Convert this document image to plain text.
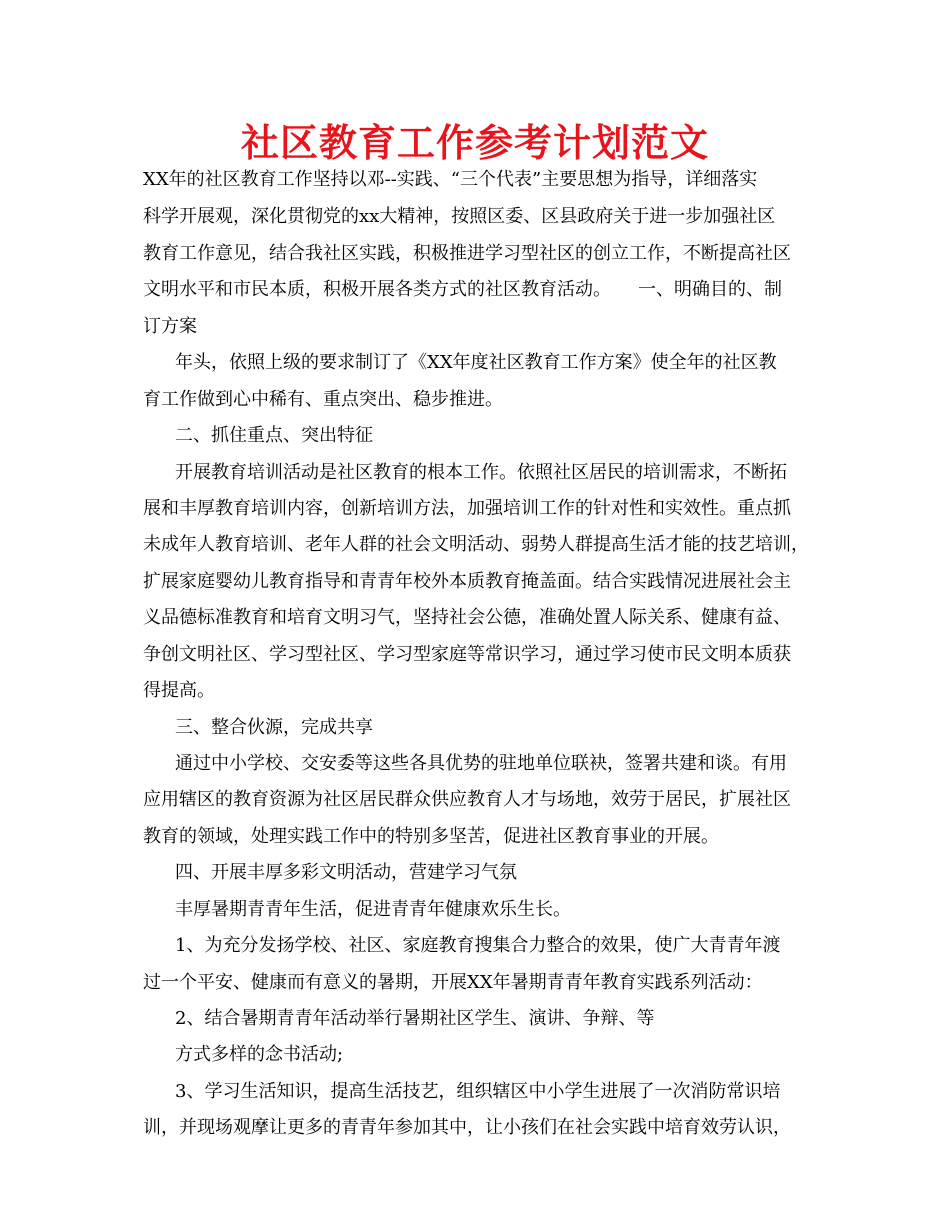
社区教育工作参考计划范文

XX年的社区教育工作坚持以邓--实践、“三个代表”主要思想为指导，详细落实

科学开展观，深化贯彻党的xx大精神，按照区委、区县政府关于进一步加强社区

教育工作意见，结合我社区实践，积极推进学习型社区的创立工作，不断提高社区

文明水平和市民本质，积极开展各类方式的社区教育活动。　　一、明确目的、制

订方案

年头，依照上级的要求制订了《XX年度社区教育工作方案》使全年的社区教

育工作做到心中稀有、重点突出、稳步推进。

二、抓住重点、突出特征

开展教育培训活动是社区教育的根本工作。依照社区居民的培训需求，不断拓

展和丰厚教育培训内容，创新培训方法，加强培训工作的针对性和实效性。重点抓

未成年人教育培训、老年人群的社会文明活动、弱势人群提高生活才能的技艺培训，

扩展家庭婴幼儿教育指导和青青年校外本质教育掩盖面。结合实践情况进展社会主

义品德标准教育和培育文明习气，坚持社会公德，准确处置人际关系、健康有益、

争创文明社区、学习型社区、学习型家庭等常识学习，通过学习使市民文明本质获

得提高。

三、整合伙源，完成共享

通过中小学校、交安委等这些各具优势的驻地单位联袂，签署共建和谈。有用

应用辖区的教育资源为社区居民群众供应教育人才与场地，效劳于居民，扩展社区

教育的领域，处理实践工作中的特别多坚苦，促进社区教育事业的开展。

四、开展丰厚多彩文明活动，营建学习气氛

丰厚暑期青青年生活，促进青青年健康欢乐生长。

1、为充分发扬学校、社区、家庭教育搜集合力整合的效果，使广大青青年渡

过一个平安、健康而有意义的暑期，开展XX年暑期青青年教育实践系列活动：

2、结合暑期青青年活动举行暑期社区学生、演讲、争辩、等

方式多样的念书活动;

3、学习生活知识，提高生活技艺，组织辖区中小学生进展了一次消防常识培

训，并现场观摩让更多的青青年参加其中，让小孩们在社会实践中培育效劳认识，
